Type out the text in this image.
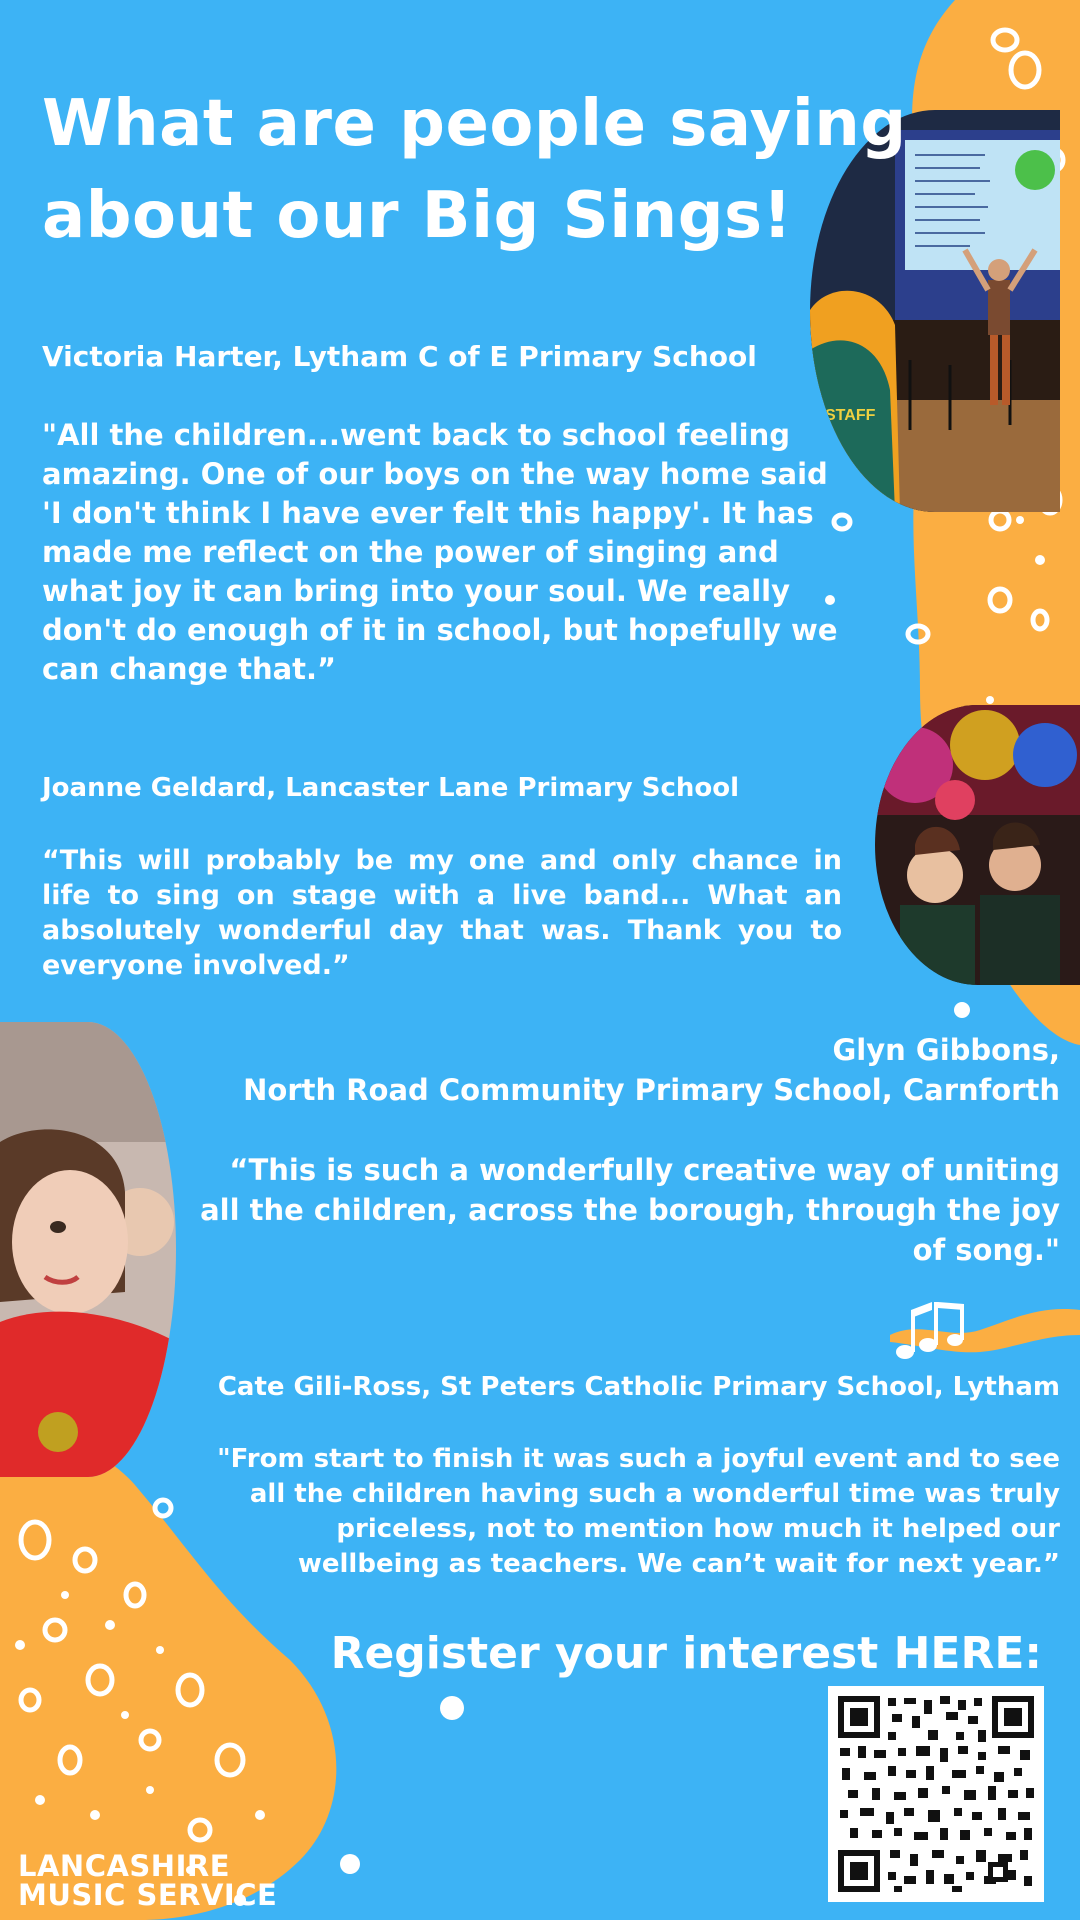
STAFF
What are people saying
about our Big Sings!
Victoria Harter, Lytham C of E Primary School
"All the children...went back to school feeling amazing. One of our boys on the way home said 'I don't think I have ever felt this happy'. It has made me reflect on the power of singing and what joy it can bring into your soul. We really don't do enough of it in school, but hopefully we can change that.”
Joanne Geldard, Lancaster Lane Primary School
“This will probably be my one and only chance in life to sing on stage with a live band... What an absolutely wonderful day that was. Thank you to everyone involved.”
Glyn Gibbons,
North Road Community Primary School, Carnforth
“This is such a wonderfully creative way of uniting all the children, across the borough, through the joy of song."
Cate Gili-Ross, St Peters Catholic Primary School, Lytham
"From start to finish it was such a joyful event and to see all the children having such a wonderful time was truly priceless, not to mention how much it helped our wellbeing as teachers. We can’t wait for next year.”
Register your interest HERE:
LANCASHIRE
MUSIC SERVICE
